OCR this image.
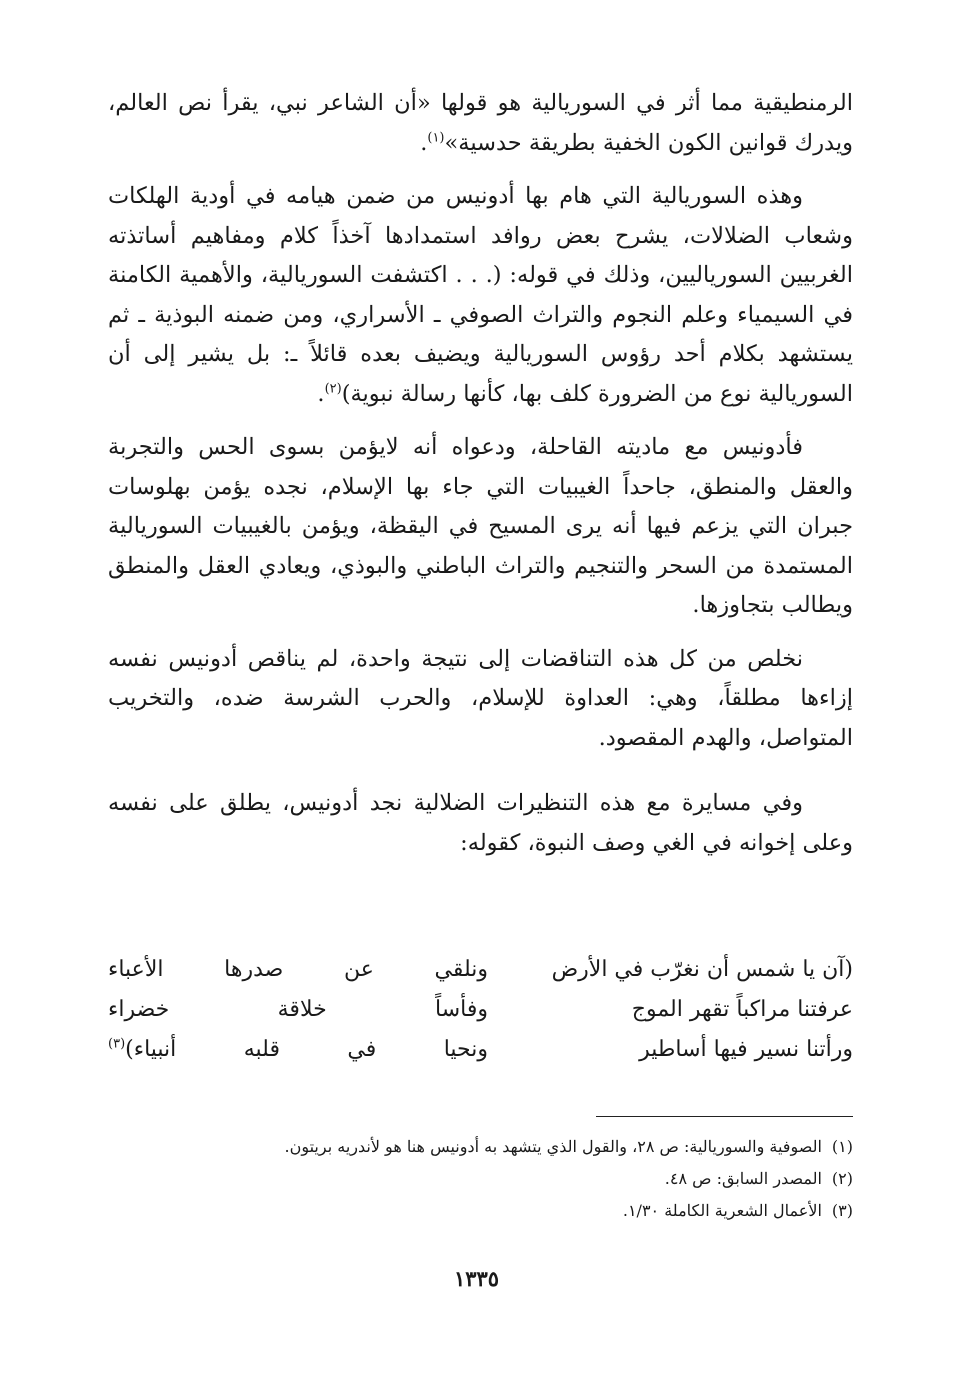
الرمنطيقية مما أثر في السوريالية هو قولها «أن الشاعر نبي، يقرأ نص العالم، ويدرك قوانين الكون الخفية بطريقة حدسية»$^{(١)}$.

وهذه السوريالية التي هام بها أدونيس من ضمن هيامه في أودية الهلكات وشعاب الضلالات، يشرح بعض روافد استمدادها آخذاً كلام ومفاهيم أساتذته الغربيين السورياليين، وذلك في قوله: (. . . اكتشفت السوريالية، والأهمية الكامنة في السيمياء وعلم النجوم والتراث الصوفي ـ الأسراري، ومن ضمنه البوذية ـ ثم يستشهد بكلام أحد رؤوس السوريالية ويضيف بعده قائلاً ـ: بل يشير إلى أن السوريالية نوع من الضرورة كلف بها، كأنها رسالة نبوية)$^{(٢)}$.

فأدونيس مع ماديته القاحلة، ودعواه أنه لايؤمن بسوى الحس والتجربة والعقل والمنطق، جاحداً الغيبيات التي جاء بها الإسلام، نجده يؤمن بهلوسات جبران التي يزعم فيها أنه يرى المسيح في اليقظة، ويؤمن بالغيبيات السوريالية المستمدة من السحر والتنجيم والتراث الباطني والبوذي، ويعادي العقل والمنطق ويطالب بتجاوزها.

نخلص من كل هذه التناقضات إلى نتيجة واحدة، لم يناقص أدونيس نفسه إزاءها مطلقاً، وهي: العداوة للإسلام، والحرب الشرسة ضده، والتخريب المتواصل، والهدم المقصود.

وفي مسايرة مع هذه التنظيرات الضلالية نجد أدونيس، يطلق على نفسه وعلى إخوانه في الغي وصف النبوة، كقوله:

(آن يا شمس أن نغرّب في الأرض
ونلقي عن صدرها الأعباء
عرفتنا مراكباً تقهر الموج
وفأساً خلاقة خضراء
ورأتنا نسير فيها أساطير
ونحيا في قلبه أنبياء)$^{(٣)}$
(١)الصوفية والسوريالية: ص ٢٨، والقول الذي يتشهد به أدونيس هنا هو لأندريه بريتون.
(٢)المصدر السابق: ص ٤٨.
(٣)الأعمال الشعرية الكاملة ١/٣٠.
١٣٣٥
